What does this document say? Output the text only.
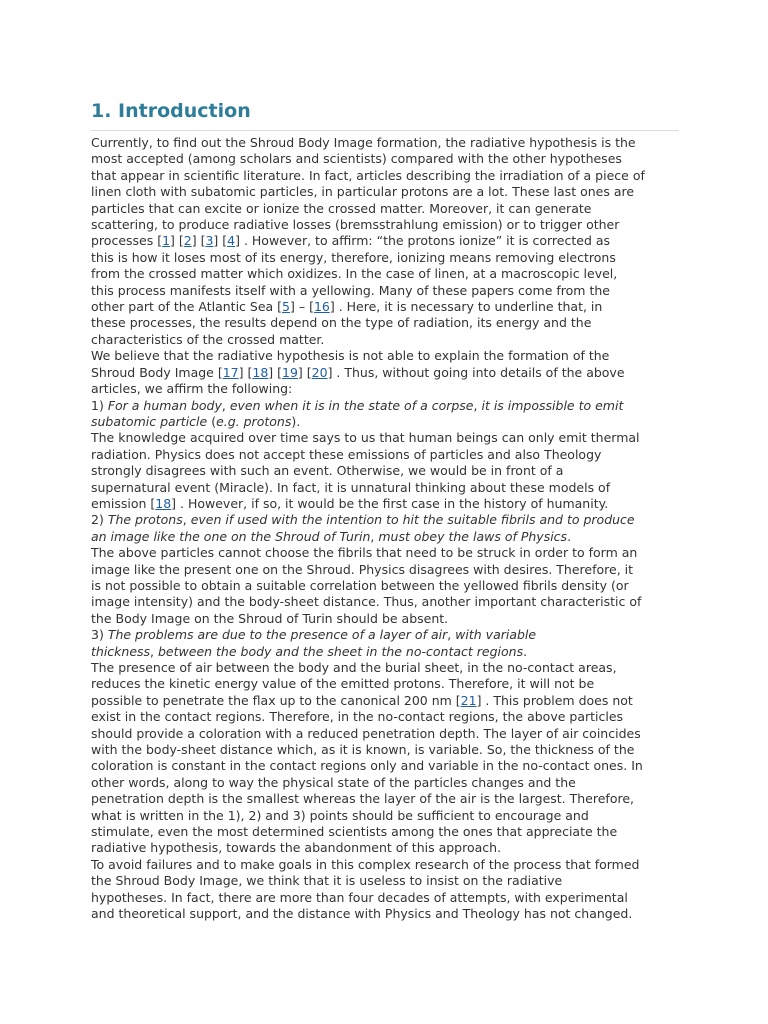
1. Introduction
Currently, to find out the Shroud Body Image formation, the radiative hypothesis is the
most accepted (among scholars and scientists) compared with the other hypotheses
that appear in scientific literature. In fact, articles describing the irradiation of a piece of
linen cloth with subatomic particles, in particular protons are a lot. These last ones are
particles that can excite or ionize the crossed matter. Moreover, it can generate
scattering, to produce radiative losses (bremsstrahlung emission) or to trigger other
processes [1] [2] [3] [4] . However, to affirm: “the protons ionize” it is corrected as
this is how it loses most of its energy, therefore, ionizing means removing electrons
from the crossed matter which oxidizes. In the case of linen, at a macroscopic level,
this process manifests itself with a yellowing. Many of these papers come from the
other part of the Atlantic Sea [5] – [16] . Here, it is necessary to underline that, in
these processes, the results depend on the type of radiation, its energy and the
characteristics of the crossed matter.
We believe that the radiative hypothesis is not able to explain the formation of the
Shroud Body Image [17] [18] [19] [20] . Thus, without going into details of the above
articles, we affirm the following:
1) For a human body, even when it is in the state of a corpse, it is impossible to emit
subatomic particle (e.g. protons).
The knowledge acquired over time says to us that human beings can only emit thermal
radiation. Physics does not accept these emissions of particles and also Theology
strongly disagrees with such an event. Otherwise, we would be in front of a
supernatural event (Miracle). In fact, it is unnatural thinking about these models of
emission [18] . However, if so, it would be the first case in the history of humanity.
2) The protons, even if used with the intention to hit the suitable fibrils and to produce
an image like the one on the Shroud of Turin, must obey the laws of Physics.
The above particles cannot choose the fibrils that need to be struck in order to form an
image like the present one on the Shroud. Physics disagrees with desires. Therefore, it
is not possible to obtain a suitable correlation between the yellowed fibrils density (or
image intensity) and the body-sheet distance. Thus, another important characteristic of
the Body Image on the Shroud of Turin should be absent.
3) The problems are due to the presence of a layer of air, with variable
thickness, between the body and the sheet in the no-contact regions.
The presence of air between the body and the burial sheet, in the no-contact areas,
reduces the kinetic energy value of the emitted protons. Therefore, it will not be
possible to penetrate the flax up to the canonical 200 nm [21] . This problem does not
exist in the contact regions. Therefore, in the no-contact regions, the above particles
should provide a coloration with a reduced penetration depth. The layer of air coincides
with the body-sheet distance which, as it is known, is variable. So, the thickness of the
coloration is constant in the contact regions only and variable in the no-contact ones. In
other words, along to way the physical state of the particles changes and the
penetration depth is the smallest whereas the layer of the air is the largest. Therefore,
what is written in the 1), 2) and 3) points should be sufficient to encourage and
stimulate, even the most determined scientists among the ones that appreciate the
radiative hypothesis, towards the abandonment of this approach.
To avoid failures and to make goals in this complex research of the process that formed
the Shroud Body Image, we think that it is useless to insist on the radiative
hypotheses. In fact, there are more than four decades of attempts, with experimental
and theoretical support, and the distance with Physics and Theology has not changed.
